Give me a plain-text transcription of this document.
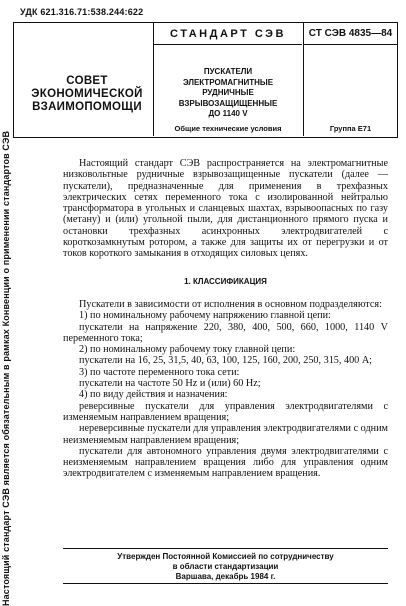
УДК 621.316.71:538.244:622
СОВЕТ
ЭКОНОМИЧЕСКОЙ
ВЗАИМОПОМОЩИ
СТАНДАРТ СЭВ
ПУСКАТЕЛИ
ЭЛЕКТРОМАГНИТНЫЕ
РУДНИЧНЫЕ
ВЗРЫВОЗАЩИЩЕННЫЕ
ДО 1140 V
Общие технические условия
СТ СЭВ 4835—84
Группа Е71
Настоящий стандарт СЭВ является обязательным в рамках Конвенции о применении стандартов СЭВ	Настоящий стандарт СЭВ распространяется на электромагнитные низковольтные рудничные взрывозащищенные пускатели (далее — пускатели), предназначенные для применения в трехфазных электрических сетях переменного тока с изолированной нейтралью трансформатора в угольных и сланцевых шахтах, взрывоопасных по газу (метану) и (или) угольной пыли, для дистанционного прямого пуска и остановки трехфазных асинхронных электродвигателей с короткозамкнутым ротором, а также для защиты их от перегрузки и от токов короткого замыкания в отходящих силовых цепях.

1. КЛАССИФИКАЦИЯ

Пускатели в зависимости от исполнения в основном подразделяются:

1) по номинальному рабочему напряжению главной цепи:

пускатели на напряжение 220, 380, 400, 500, 660, 1000, 1140 V переменного тока;

2) по номинальному рабочему току главной цепи:

пускатели на 16, 25, 31,5, 40, 63, 100, 125, 160, 200, 250, 315, 400 A;

3) по частоте переменного тока сети:

пускатели на частоте 50 Hz и (или) 60 Hz;

4) по виду действия и назначения:

реверсивные пускатели для управления электродвигателями с изменяемым направлением вращения;

нереверсивные пускатели для управления электродвигателями с одним неизменяемым направлением вращения;

пускатели для автономного управления двумя электродвигателями с неизменяемым направлением вращения либо для управления одним электродвигателем с изменяемым направлением вращения.

Утвержден Постоянной Комиссией по сотрудничеству
в области стандартизации
Варшава, декабрь 1984 г.
